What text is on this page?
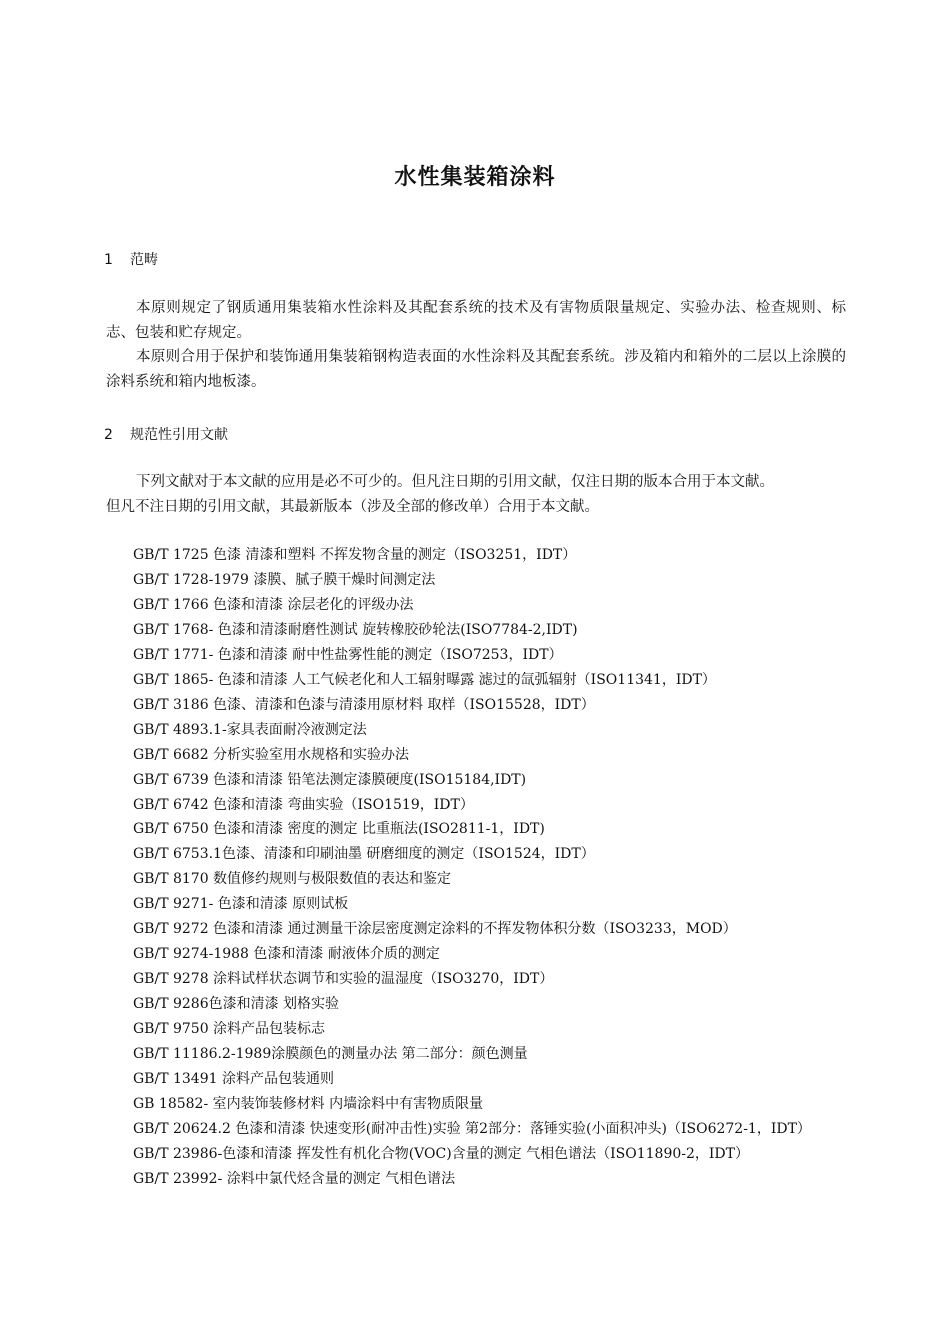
水性集装箱涂料
1 范畴

本原则规定了钢质通用集装箱水性涂料及其配套系统的技术及有害物质限量规定、实验办法、检查规则、标志、包装和贮存规定。

本原则合用于保护和装饰通用集装箱钢构造表面的水性涂料及其配套系统。涉及箱内和箱外的二层以上涂膜的涂料系统和箱内地板漆。

2 规范性引用文献

下列文献对于本文献的应用是必不可少的。但凡注日期的引用文献，仅注日期的版本合用于本文献。

但凡不注日期的引用文献，其最新版本（涉及全部的修改单）合用于本文献。

GB/T 1725 色漆 清漆和塑料 不挥发物含量的测定（ISO3251，IDT）
GB/T 1728-1979 漆膜、腻子膜干燥时间测定法
GB/T 1766 色漆和清漆 涂层老化的评级办法
GB/T 1768- 色漆和清漆耐磨性测试 旋转橡胶砂轮法(ISO7784-2,IDT)
GB/T 1771- 色漆和清漆 耐中性盐雾性能的测定（ISO7253，IDT）
GB/T 1865- 色漆和清漆 人工气候老化和人工辐射曝露 滤过的氙弧辐射（ISO11341，IDT）
GB/T 3186 色漆、清漆和色漆与清漆用原材料 取样（ISO15528，IDT）
GB/T 4893.1-家具表面耐冷液测定法
GB/T 6682 分析实验室用水规格和实验办法
GB/T 6739 色漆和清漆 铅笔法测定漆膜硬度(ISO15184,IDT)
GB/T 6742 色漆和清漆 弯曲实验（ISO1519，IDT）
GB/T 6750 色漆和清漆 密度的测定 比重瓶法(ISO2811-1，IDT)
GB/T 6753.1色漆、清漆和印刷油墨 研磨细度的测定（ISO1524，IDT）
GB/T 8170 数值修约规则与极限数值的表达和鉴定
GB/T 9271- 色漆和清漆 原则试板
GB/T 9272 色漆和清漆 通过测量干涂层密度测定涂料的不挥发物体积分数（ISO3233，MOD）
GB/T 9274-1988 色漆和清漆 耐液体介质的测定
GB/T 9278 涂料试样状态调节和实验的温湿度（ISO3270，IDT）
GB/T 9286色漆和清漆 划格实验
GB/T 9750 涂料产品包装标志
GB/T 11186.2-1989涂膜颜色的测量办法 第二部分：颜色测量
GB/T 13491 涂料产品包装通则
GB 18582- 室内装饰装修材料 内墙涂料中有害物质限量
GB/T 20624.2 色漆和清漆 快速变形(耐冲击性)实验 第2部分：落锤实验(小面积冲头)（ISO6272-1，IDT）
GB/T 23986-色漆和清漆 挥发性有机化合物(VOC)含量的测定 气相色谱法（ISO11890-2，IDT）
GB/T 23992- 涂料中氯代烃含量的测定 气相色谱法
